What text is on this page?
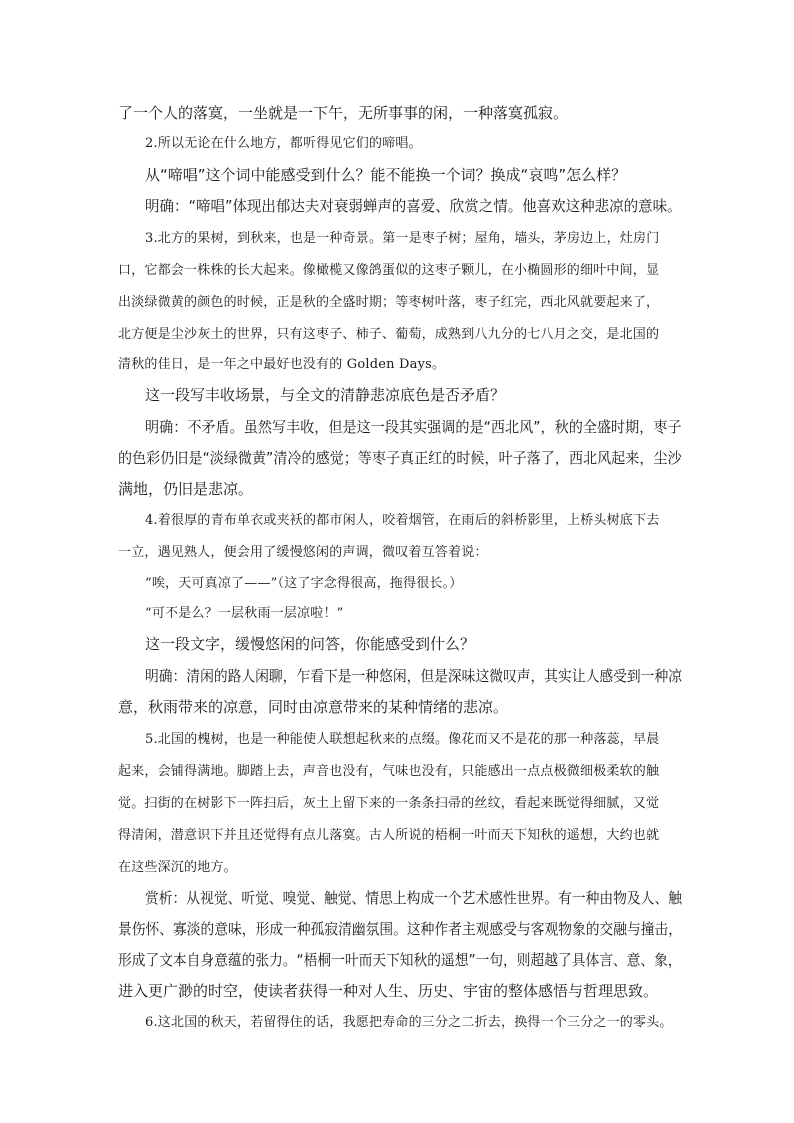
了一个人的落寞，一坐就是一下午，无所事事的闲，一种落寞孤寂。
2.所以无论在什么地方，都听得见它们的啼唱。
从“啼唱”这个词中能感受到什么？能不能换一个词？换成“哀鸣”怎么样？
明确：“啼唱”体现出郁达夫对衰弱蝉声的喜爱、欣赏之情。他喜欢这种悲凉的意味。
3.北方的果树，到秋来，也是一种奇景。第一是枣子树；屋角，墙头，茅房边上，灶房门
口，它都会一株株的长大起来。像橄榄又像鸽蛋似的这枣子颗儿，在小椭圆形的细叶中间，显
出淡绿微黄的颜色的时候，正是秋的全盛时期；等枣树叶落，枣子红完，西北风就要起来了，
北方便是尘沙灰土的世界，只有这枣子、柿子、葡萄，成熟到八九分的七八月之交，是北国的
清秋的佳日，是一年之中最好也没有的 Golden Days。
这一段写丰收场景，与全文的清静悲凉底色是否矛盾？
明确：不矛盾。虽然写丰收，但是这一段其实强调的是“西北风”，秋的全盛时期，枣子
的色彩仍旧是“淡绿微黄”清冷的感觉；等枣子真正红的时候，叶子落了，西北风起来，尘沙
满地，仍旧是悲凉。
4.着很厚的青布单衣或夹袄的都市闲人，咬着烟管，在雨后的斜桥影里，上桥头树底下去
一立，遇见熟人，便会用了缓慢悠闲的声调，微叹着互答着说：
“唉，天可真凉了——”（这了字念得很高，拖得很长。）
“可不是么？一层秋雨一层凉啦！”
这一段文字，缓慢悠闲的问答，你能感受到什么？
明确：清闲的路人闲聊，乍看下是一种悠闲，但是深味这微叹声，其实让人感受到一种凉
意，秋雨带来的凉意，同时由凉意带来的某种情绪的悲凉。
5.北国的槐树，也是一种能使人联想起秋来的点缀。像花而又不是花的那一种落蕊，早晨
起来，会铺得满地。脚踏上去，声音也没有，气味也没有，只能感出一点点极微细极柔软的触
觉。扫街的在树影下一阵扫后，灰土上留下来的一条条扫帚的丝纹，看起来既觉得细腻，又觉
得清闲，潜意识下并且还觉得有点儿落寞。古人所说的梧桐一叶而天下知秋的遥想，大约也就
在这些深沉的地方。
赏析：从视觉、听觉、嗅觉、触觉、情思上构成一个艺术感性世界。有一种由物及人、触
景伤怀、寡淡的意味，形成一种孤寂清幽氛围。这种作者主观感受与客观物象的交融与撞击，
形成了文本自身意蕴的张力。“梧桐一叶而天下知秋的遥想”一句，则超越了具体言、意、象，
进入更广渺的时空，使读者获得一种对人生、历史、宇宙的整体感悟与哲理思致。
6.这北国的秋天，若留得住的话，我愿把寿命的三分之二折去，换得一个三分之一的零头。
